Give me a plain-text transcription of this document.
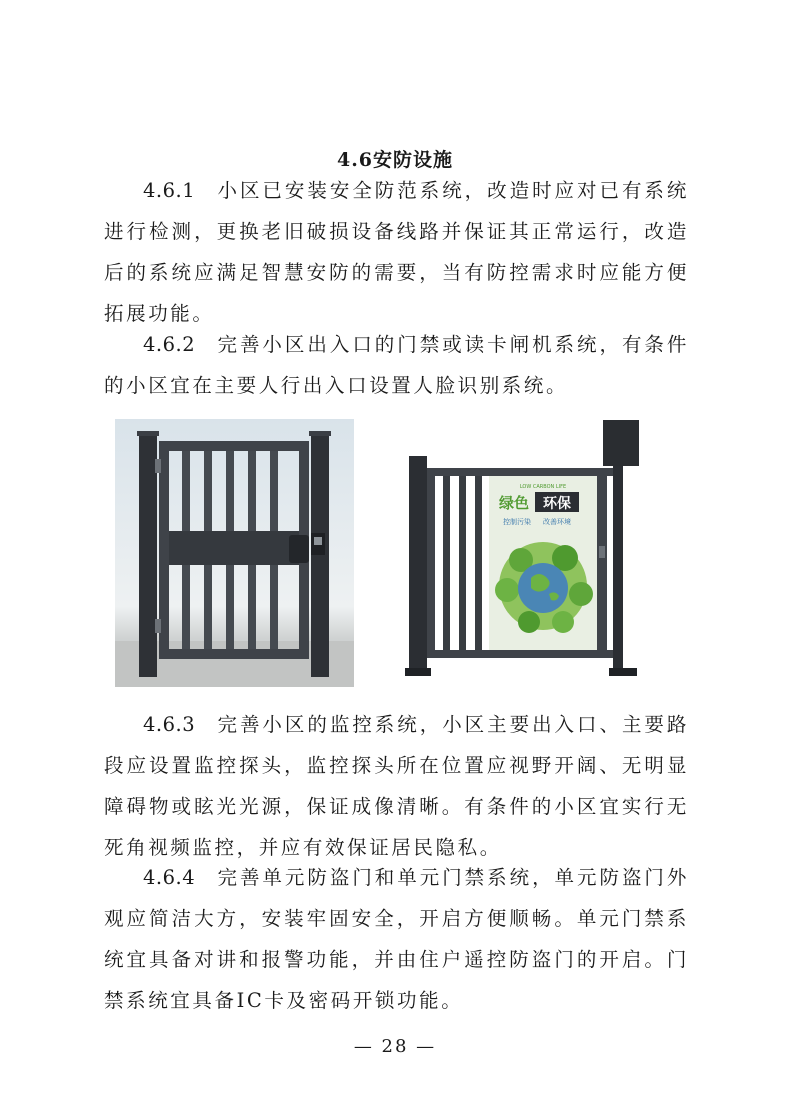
4.6安防设施

4.6.1 小区已安装安全防范系统，改造时应对已有系统进行检测，更换老旧破损设备线路并保证其正常运行，改造后的系统应满足智慧安防的需要，当有防控需求时应能方便拓展功能。

4.6.2 完善小区出入口的门禁或读卡闸机系统，有条件的小区宜在主要人行出入口设置人脸识别系统。

LOW CARBON LIFE
绿色 环保
控制污染 改善环境

4.6.3 完善小区的监控系统，小区主要出入口、主要路段应设置监控探头，监控探头所在位置应视野开阔、无明显障碍物或眩光光源，保证成像清晰。有条件的小区宜实行无死角视频监控，并应有效保证居民隐私。

4.6.4 完善单元防盗门和单元门禁系统，单元防盗门外观应简洁大方，安装牢固安全，开启方便顺畅。单元门禁系统宜具备对讲和报警功能，并由住户遥控防盗门的开启。门禁系统宜具备IC卡及密码开锁功能。

— 28 —
